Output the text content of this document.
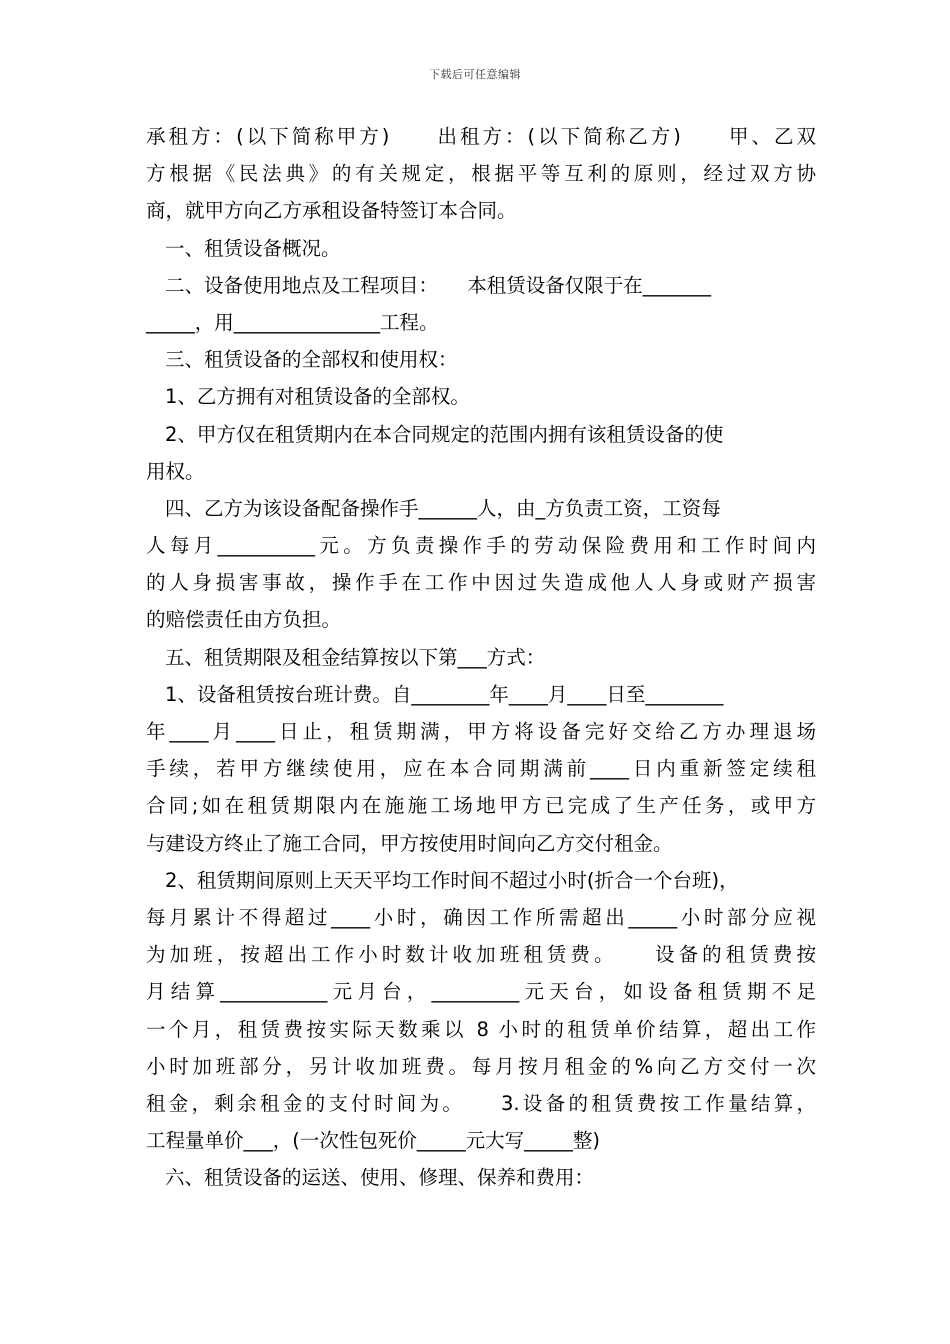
下载后可任意编辑
承租方：(以下简称甲方)　　出租方：(以下简称乙方)　　甲、乙双
方根据《民法典》的有关规定，根据平等互利的原则，经过双方协
商，就甲方向乙方承租设备特签订本合同。
一、租赁设备概况。
二、设备使用地点及工程项目：　　本租赁设备仅限于在_______
_____，用_______________工程。
三、租赁设备的全部权和使用权：
1、乙方拥有对租赁设备的全部权。
2、甲方仅在租赁期内在本合同规定的范围内拥有该租赁设备的使
用权。
四、乙方为该设备配备操作手______人，由_方负责工资，工资每
人每月__________元。方负责操作手的劳动保险费用和工作时间内
的人身损害事故，操作手在工作中因过失造成他人人身或财产损害
的赔偿责任由方负担。
五、租赁期限及租金结算按以下第___方式：
1、设备租赁按台班计费。自________年____月____日至________
年____月____日止，租赁期满，甲方将设备完好交给乙方办理退场
手续，若甲方继续使用，应在本合同期满前____日内重新签定续租
合同;如在租赁期限内在施施工场地甲方已完成了生产任务，或甲方
与建设方终止了施工合同，甲方按使用时间向乙方交付租金。
2、租赁期间原则上天天平均工作时间不超过小时(折合一个台班)，
每月累计不得超过____小时，确因工作所需超出_____小时部分应视
为加班，按超出工作小时数计收加班租赁费。　　设备的租赁费按
月结算___________元月台，_________元天台，如设备租赁期不足
一个月，租赁费按实际天数乘以 8 小时的租赁单价结算，超出工作
小时加班部分，另计收加班费。每月按月租金的%向乙方交付一次
租金，剩余租金的支付时间为。　　3.设备的租赁费按工作量结算，
工程量单价___，(一次性包死价_____元大写_____整)
六、租赁设备的运送、使用、修理、保养和费用：
